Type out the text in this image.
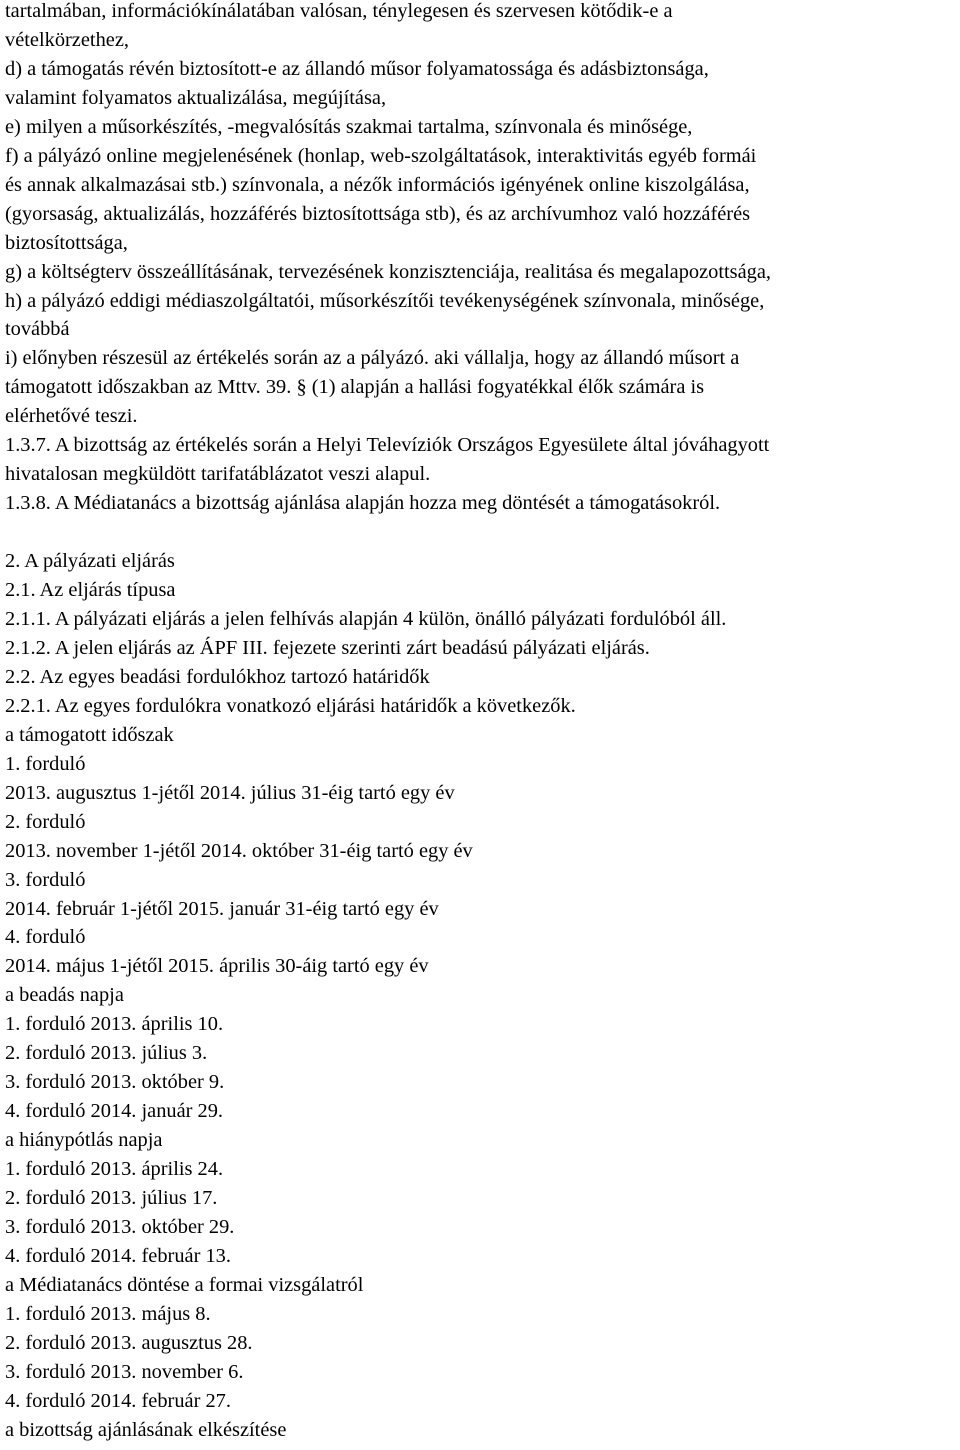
tartalmában, információkínálatában valósan, ténylegesen és szervesen kötődik-e a
vételkörzethez,
d) a támogatás révén biztosított-e az állandó műsor folyamatossága és adásbiztonsága,
valamint folyamatos aktualizálása, megújítása,
e) milyen a műsorkészítés, -megvalósítás szakmai tartalma, színvonala és minősége,
f) a pályázó online megjelenésének (honlap, web-szolgáltatások, interaktivitás egyéb formái
és annak alkalmazásai stb.) színvonala, a nézők információs igényének online kiszolgálása,
(gyorsaság, aktualizálás, hozzáférés biztosítottsága stb), és az archívumhoz való hozzáférés
biztosítottsága,
g) a költségterv összeállításának, tervezésének konzisztenciája, realitása és megalapozottsága,
h) a pályázó eddigi médiaszolgáltatói, műsorkészítői tevékenységének színvonala, minősége,
továbbá
i) előnyben részesül az értékelés során az a pályázó. aki vállalja, hogy az állandó műsort a
támogatott időszakban az Mttv. 39. § (1) alapján a hallási fogyatékkal élők számára is
elérhetővé teszi.
1.3.7. A bizottság az értékelés során a Helyi Televíziók Országos Egyesülete által jóváhagyott
hivatalosan megküldött tarifatáblázatot veszi alapul.
1.3.8. A Médiatanács a bizottság ajánlása alapján hozza meg döntését a támogatásokról.
2. A pályázati eljárás
2.1. Az eljárás típusa
2.1.1. A pályázati eljárás a jelen felhívás alapján 4 külön, önálló pályázati fordulóból áll.
2.1.2. A jelen eljárás az ÁPF III. fejezete szerinti zárt beadású pályázati eljárás.
2.2. Az egyes beadási fordulókhoz tartozó határidők
2.2.1. Az egyes fordulókra vonatkozó eljárási határidők a következők.
a támogatott időszak
1. forduló
2013. augusztus 1-jétől 2014. július 31-éig tartó egy év
2. forduló
2013. november 1-jétől 2014. október 31-éig tartó egy év
3. forduló
2014. február 1-jétől 2015. január 31-éig tartó egy év
4. forduló
2014. május 1-jétől 2015. április 30-áig tartó egy év
a beadás napja
1. forduló 2013. április 10.
2. forduló 2013. július 3.
3. forduló 2013. október 9.
4. forduló 2014. január 29.
a hiánypótlás napja
1. forduló 2013. április 24.
2. forduló 2013. július 17.
3. forduló 2013. október 29.
4. forduló 2014. február 13.
a Médiatanács döntése a formai vizsgálatról
1. forduló 2013. május 8.
2. forduló 2013. augusztus 28.
3. forduló 2013. november 6.
4. forduló 2014. február 27.
a bizottság ajánlásának elkészítése
